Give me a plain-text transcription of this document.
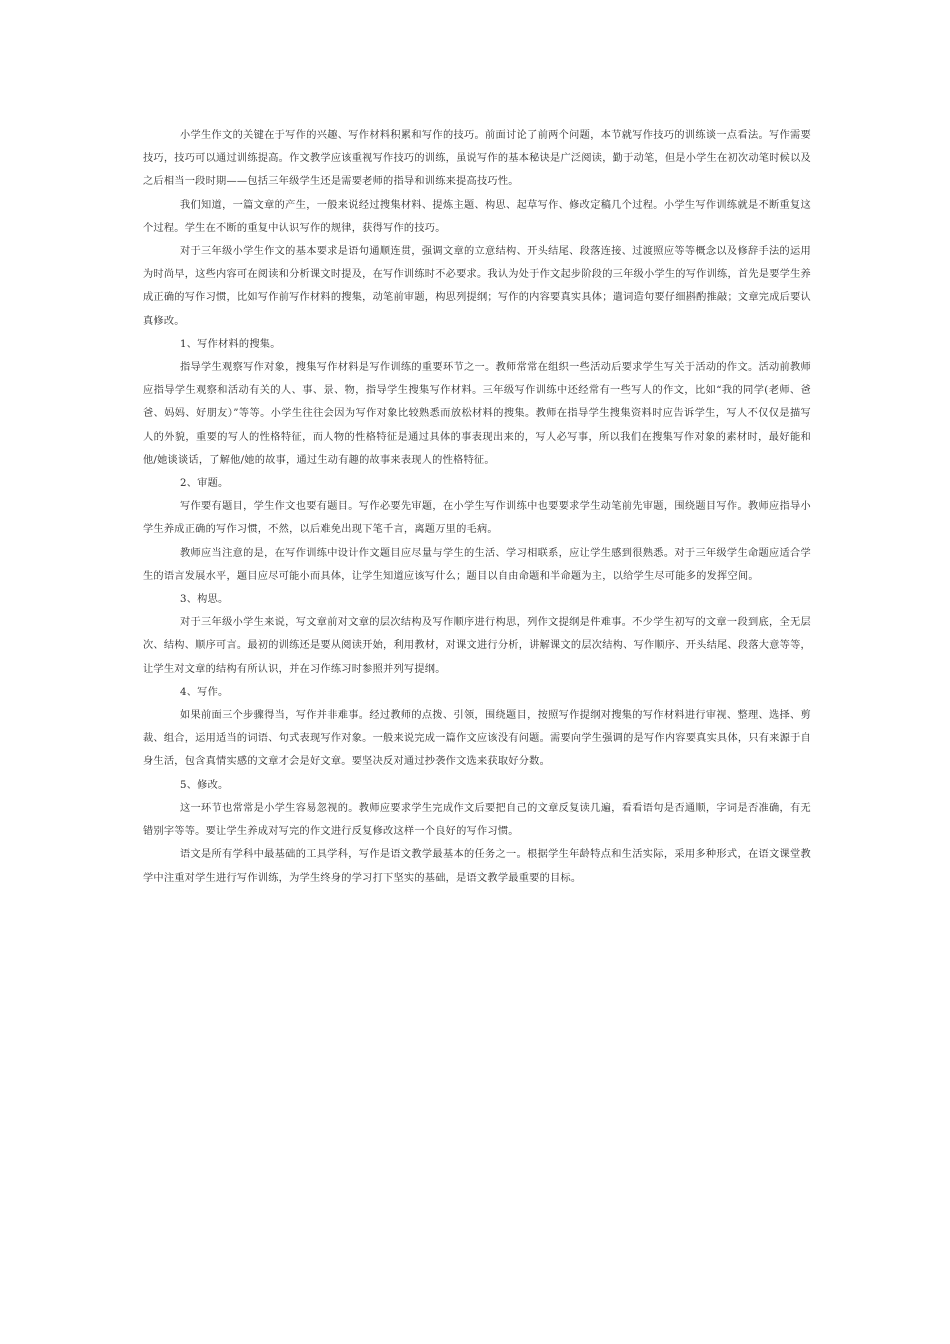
小学生作文的关键在于写作的兴趣、写作材料积累和写作的技巧。前面讨论了前两个问题，本节就写作技巧的训练谈一点看法。写作需要技巧，技巧可以通过训练提高。作文教学应该重视写作技巧的训练，虽说写作的基本秘诀是广泛阅读，勤于动笔，但是小学生在初次动笔时候以及之后相当一段时期——包括三年级学生还是需要老师的指导和训练来提高技巧性。

我们知道，一篇文章的产生，一般来说经过搜集材料、提炼主题、构思、起草写作、修改定稿几个过程。小学生写作训练就是不断重复这个过程。学生在不断的重复中认识写作的规律，获得写作的技巧。

对于三年级小学生作文的基本要求是语句通顺连贯，强调文章的立意结构、开头结尾、段落连接、过渡照应等等概念以及修辞手法的运用为时尚早，这些内容可在阅读和分析课文时提及，在写作训练时不必要求。我认为处于作文起步阶段的三年级小学生的写作训练，首先是要学生养成正确的写作习惯，比如写作前写作材料的搜集，动笔前审题，构思列提纲；写作的内容要真实具体；遣词造句要仔细斟酌推敲；文章完成后要认真修改。

1、写作材料的搜集。

指导学生观察写作对象，搜集写作材料是写作训练的重要环节之一。教师常常在组织一些活动后要求学生写关于活动的作文。活动前教师应指导学生观察和活动有关的人、事、景、物，指导学生搜集写作材料。三年级写作训练中还经常有一些写人的作文，比如“我的同学(老师、爸爸、妈妈、好朋友）”等等。小学生往往会因为写作对象比较熟悉而放松材料的搜集。教师在指导学生搜集资料时应告诉学生，写人不仅仅是描写人的外貌，重要的写人的性格特征，而人物的性格特征是通过具体的事表现出来的，写人必写事，所以我们在搜集写作对象的素材时，最好能和他/她谈谈话，了解他/她的故事，通过生动有趣的故事来表现人的性格特征。

2、审题。

写作要有题目，学生作文也要有题目。写作必要先审题，在小学生写作训练中也要要求学生动笔前先审题，围绕题目写作。教师应指导小学生养成正确的写作习惯，不然，以后难免出现下笔千言，离题万里的毛病。

教师应当注意的是，在写作训练中设计作文题目应尽量与学生的生活、学习相联系，应让学生感到很熟悉。对于三年级学生命题应适合学生的语言发展水平，题目应尽可能小而具体，让学生知道应该写什么；题目以自由命题和半命题为主，以给学生尽可能多的发挥空间。

3、构思。

对于三年级小学生来说，写文章前对文章的层次结构及写作顺序进行构思，列作文提纲是件难事。不少学生初写的文章一段到底，全无层次、结构、顺序可言。最初的训练还是要从阅读开始，利用教材，对课文进行分析，讲解课文的层次结构、写作顺序、开头结尾、段落大意等等，让学生对文章的结构有所认识，并在习作练习时参照并列写提纲。

4、写作。

如果前面三个步骤得当，写作并非难事。经过教师的点拨、引领，围绕题目，按照写作提纲对搜集的写作材料进行审视、整理、选择、剪裁、组合，运用适当的词语、句式表现写作对象。一般来说完成一篇作文应该没有问题。需要向学生强调的是写作内容要真实具体，只有来源于自身生活，包含真情实感的文章才会是好文章。要坚决反对通过抄袭作文选来获取好分数。

5、修改。

这一环节也常常是小学生容易忽视的。教师应要求学生完成作文后要把自己的文章反复读几遍，看看语句是否通顺，字词是否准确，有无错别字等等。要让学生养成对写完的作文进行反复修改这样一个良好的写作习惯。

语文是所有学科中最基础的工具学科，写作是语文教学最基本的任务之一。根据学生年龄特点和生活实际，采用多种形式，在语文课堂教学中注重对学生进行写作训练，为学生终身的学习打下坚实的基础，是语文教学最重要的目标。
